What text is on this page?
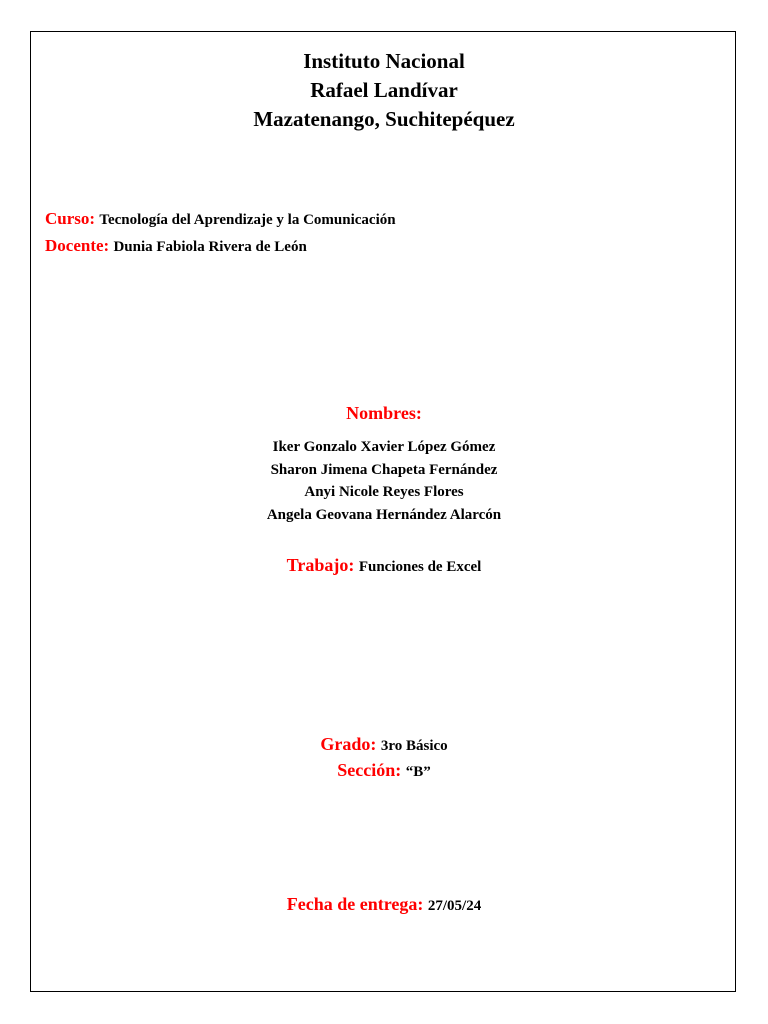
Instituto Nacional
Rafael Landívar
Mazatenango, Suchitepéquez
Curso: Tecnología del Aprendizaje y la Comunicación
Docente: Dunia Fabiola Rivera de León
Nombres:
Iker Gonzalo Xavier López Gómez
Sharon Jimena Chapeta Fernández
Anyi Nicole Reyes Flores
Angela Geovana Hernández Alarcón
Trabajo: Funciones de Excel
Grado: 3ro Básico
Sección: “B”
Fecha de entrega: 27/05/24
